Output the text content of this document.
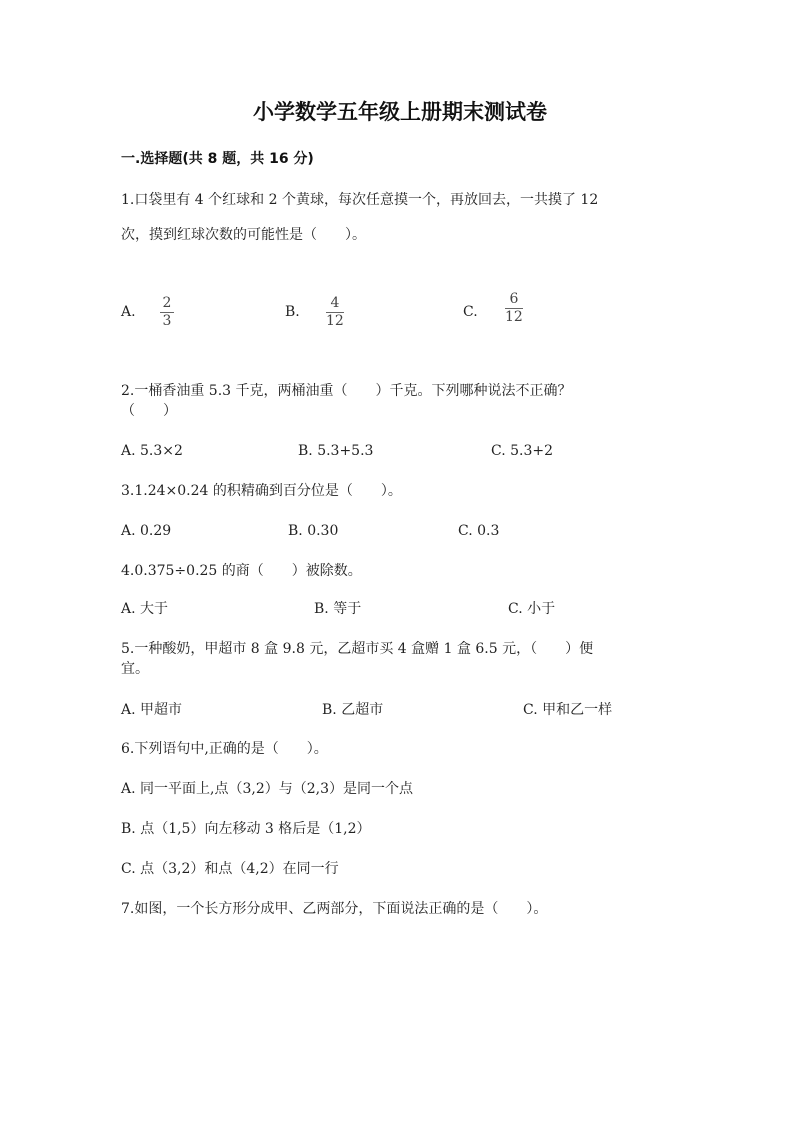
小学数学五年级上册期末测试卷
一.选择题(共 8 题，共 16 分)
1.口袋里有 4 个红球和 2 个黄球，每次任意摸一个，再放回去，一共摸了 12
次，摸到红球次数的可能性是（　　）。
A.
2
3
B.
4
12
C.
6
12
2.一桶香油重 5.3 千克，两桶油重（　　）千克。下列哪种说法不正确？
（　　）
A. 5.3×2	B. 5.3+5.3	C. 5.3+2
3.1.24×0.24 的积精确到百分位是（　　）。
A. 0.29	B. 0.30	C. 0.3
4.0.375÷0.25 的商（　　）被除数。
A. 大于	B. 等于	C. 小于
5.一种酸奶，甲超市 8 盒 9.8 元，乙超市买 4 盒赠 1 盒 6.5 元，（　　）便
宜。
A. 甲超市	B. 乙超市	C. 甲和乙一样
6.下列语句中,正确的是（　　）。
A. 同一平面上,点（3,2）与（2,3）是同一个点
B. 点（1,5）向左移动 3 格后是（1,2）
C. 点（3,2）和点（4,2）在同一行
7.如图，一个长方形分成甲、乙两部分，下面说法正确的是（　　）。
